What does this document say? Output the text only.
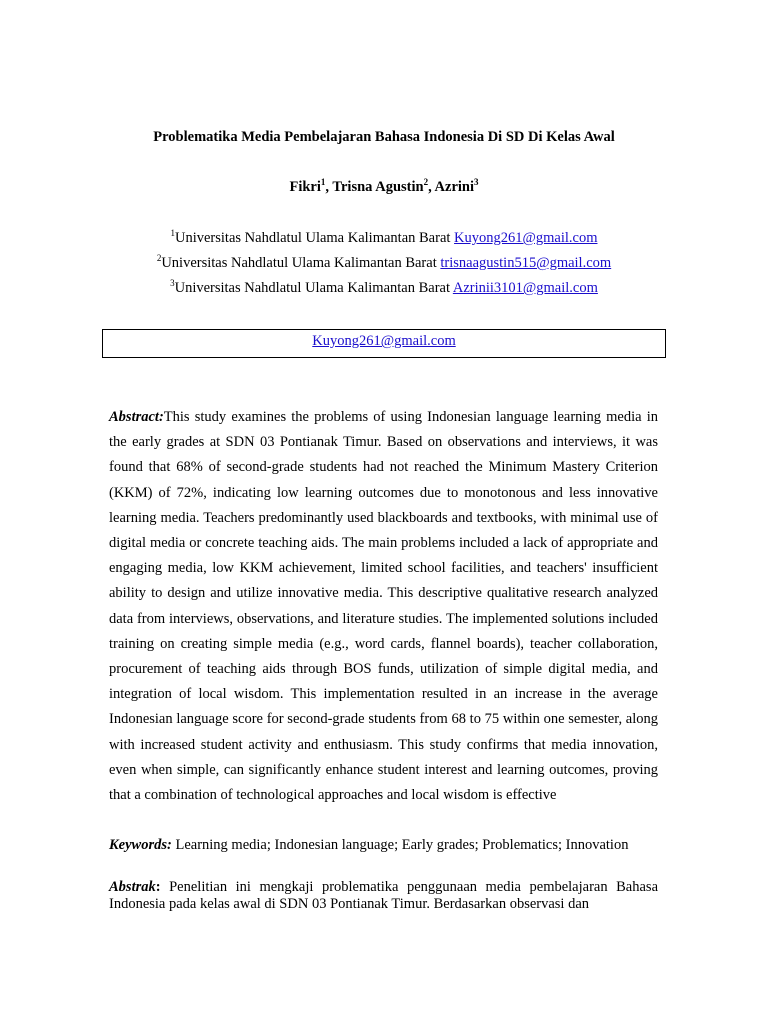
Problematika Media Pembelajaran Bahasa Indonesia Di SD Di Kelas Awal
Fikri$^1$, Trisna Agustin$^2$, Azrini$^3$
$^1$Universitas Nahdlatul Ulama Kalimantan Barat Kuyong261@gmail.com
$^2$Universitas Nahdlatul Ulama Kalimantan Barat trisnaagustin515@gmail.com
$^3$Universitas Nahdlatul Ulama Kalimantan Barat Azrinii3101@gmail.com
Kuyong261@gmail.com

Abstract:This study examines the problems of using Indonesian language learning media in the early grades at SDN 03 Pontianak Timur. Based on observations and interviews, it was found that 68% of second-grade students had not reached the Minimum Mastery Criterion (KKM) of 72%, indicating low learning outcomes due to monotonous and less innovative learning media. Teachers predominantly used blackboards and textbooks, with minimal use of digital media or concrete teaching aids. The main problems included a lack of appropriate and engaging media, low KKM achievement, limited school facilities, and teachers' insufficient ability to design and utilize innovative media. This descriptive qualitative research analyzed data from interviews, observations, and literature studies. The implemented solutions included training on creating simple media (e.g., word cards, flannel boards), teacher collaboration, procurement of teaching aids through BOS funds, utilization of simple digital media, and integration of local wisdom. This implementation resulted in an increase in the average Indonesian language score for second-grade students from 68 to 75 within one semester, along with increased student activity and enthusiasm. This study confirms that media innovation, even when simple, can significantly enhance student interest and learning outcomes, proving that a combination of technological approaches and local wisdom is effective

Keywords: Learning media; Indonesian language; Early grades; Problematics; Innovation

Abstrak: Penelitian ini mengkaji problematika penggunaan media pembelajaran Bahasa Indonesia pada kelas awal di SDN 03 Pontianak Timur. Berdasarkan observasi dan
